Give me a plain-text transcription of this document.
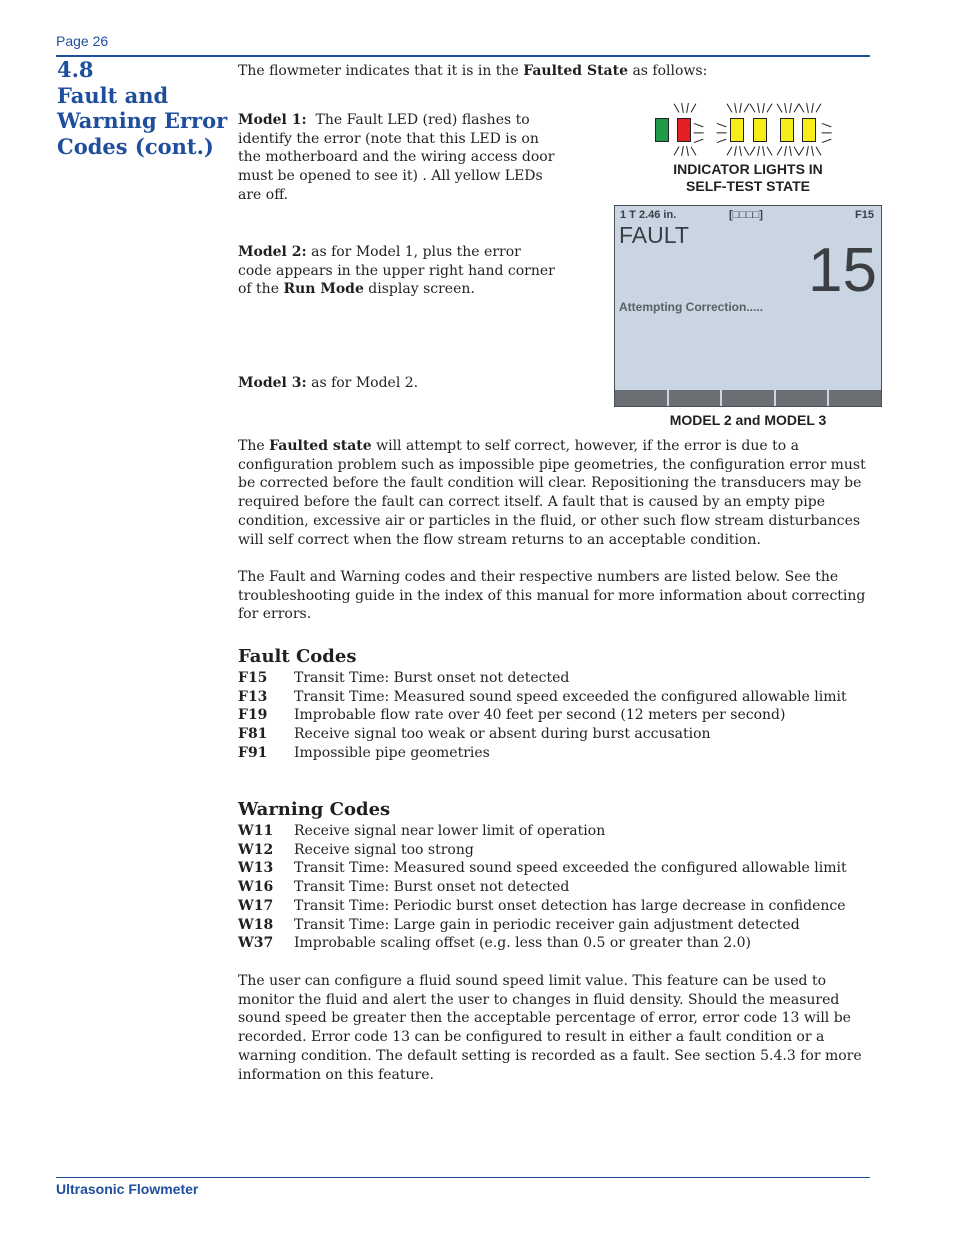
Page 26
4.8
Fault and
Warning Error
Codes (cont.)
The flowmeter indicates that it is in the Faulted State as follows:
Model 1:  The Fault LED (red) flashes to identify the error (note that this LED is on the motherboard and the wiring access door must be opened to see it) . All yellow LEDs are off.
Model 2: as for Model 1, plus the error code appears in the upper right hand corner of the Run Mode display screen.
Model 3: as for Model 2.
INDICATOR LIGHTS IN
SELF-TEST STATE
1 T 2.46 in.	[□□□□]	F15
FAULT
15
Attempting Correction.....
MODEL 2 and MODEL 3
The Faulted state will attempt to self correct, however, if the error is due to a configuration problem such as impossible pipe geometries, the configuration error must be corrected before the fault condition will clear. Repositioning the transducers may be required before the fault can correct itself. A fault that is caused by an empty pipe condition, excessive air or particles in the fluid, or other such flow stream disturbances will self correct when the flow stream returns to an acceptable condition.
The Fault and Warning codes and their respective numbers are listed below. See the troubleshooting guide in the index of this manual for more information about correcting for errors.
Fault Codes
F15	Transit Time: Burst onset not detected
F13	Transit Time: Measured sound speed exceeded the configured allowable limit
F19	Improbable flow rate over 40 feet per second (12 meters per second)
F81	Receive signal too weak or absent during burst accusation
F91	Impossible pipe geometries
Warning Codes
W11	Receive signal near lower limit of operation
W12	Receive signal too strong
W13	Transit Time: Measured sound speed exceeded the configured allowable limit
W16	Transit Time: Burst onset not detected
W17	Transit Time: Periodic burst onset detection has large decrease in confidence
W18	Transit Time: Large gain in periodic receiver gain adjustment detected
W37	Improbable scaling offset (e.g. less than 0.5 or greater than 2.0)
The user can configure a fluid sound speed limit value. This feature can be used to monitor the fluid and alert the user to changes in fluid density. Should the measured sound speed be greater then the acceptable percentage of error, error code 13 will be recorded. Error code 13 can be configured to result in either a fault condition or a warning condition. The default setting is recorded as a fault. See section 5.4.3 for more information on this feature.
Ultrasonic Flowmeter
